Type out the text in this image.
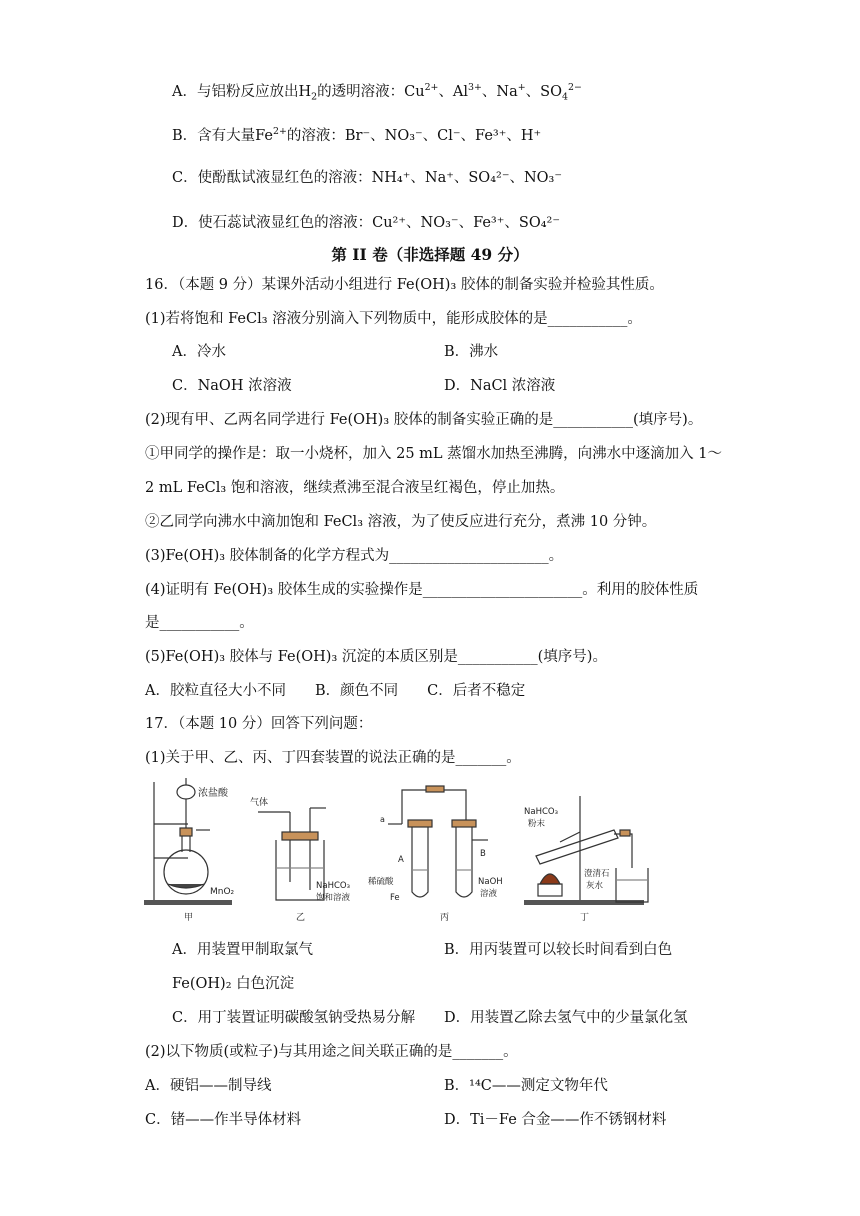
A．与铝粉反应放出$H_2$的透明溶液：$Cu^{2+}$、$Al^{3+}$、Na+、$SO_4^{2-}$
B．含有大量$Fe^{2+}$的溶液：Br⁻、NO₃⁻、Cl⁻、Fe³⁺、H⁺
C．使酚酞试液显红色的溶液：NH₄⁺、Na⁺、SO₄²⁻、NO₃⁻
D．使石蕊试液显红色的溶液：Cu²⁺、NO₃⁻、Fe³⁺、SO₄²⁻
第 II 卷（非选择题 49 分）
16．（本题 9 分）某课外活动小组进行 Fe(OH)₃ 胶体的制备实验并检验其性质。
(1)若将饱和 FeCl₃ 溶液分别滴入下列物质中，能形成胶体的是___________。
A．冷水	B．沸水
C．NaOH 浓溶液	D．NaCl 浓溶液
(2)现有甲、乙两名同学进行 Fe(OH)₃ 胶体的制备实验正确的是___________(填序号)。
①甲同学的操作是：取一小烧杯，加入 25 mL 蒸馏水加热至沸腾，向沸水中逐滴加入 1～
2 mL FeCl₃ 饱和溶液，继续煮沸至混合液呈红褐色，停止加热。
②乙同学向沸水中滴加饱和 FeCl₃ 溶液，为了使反应进行充分，煮沸 10 分钟。
(3)Fe(OH)₃ 胶体制备的化学方程式为______________________。
(4)证明有 Fe(OH)₃ 胶体生成的实验操作是______________________。利用的胶体性质
是___________。
(5)Fe(OH)₃ 胶体与 Fe(OH)₃ 沉淀的本质区别是___________(填序号)。
A．胶粒直径大小不同　　B．颜色不同　　C．后者不稳定
17．（本题 10 分）回答下列问题：
(1)关于甲、乙、丙、丁四套装置的说法正确的是_______。
浓盐酸
MnO₂
甲
气体
NaHCO₃
饱和溶液
乙
a
A
B
稀硫酸
Fe
NaOH
溶液
丙
NaHCO₃
粉末
澄清石
灰水
丁
A．用装置甲制取氯气	B．用丙装置可以较长时间看到白色
Fe(OH)₂ 白色沉淀
C．用丁装置证明碳酸氢钠受热易分解 D．用装置乙除去氢气中的少量氯化氢
(2)以下物质(或粒子)与其用途之间关联正确的是_______。
A．硬铝——制导线	B．¹⁴C——测定文物年代
C．锗——作半导体材料	D．Ti－Fe 合金——作不锈钢材料
